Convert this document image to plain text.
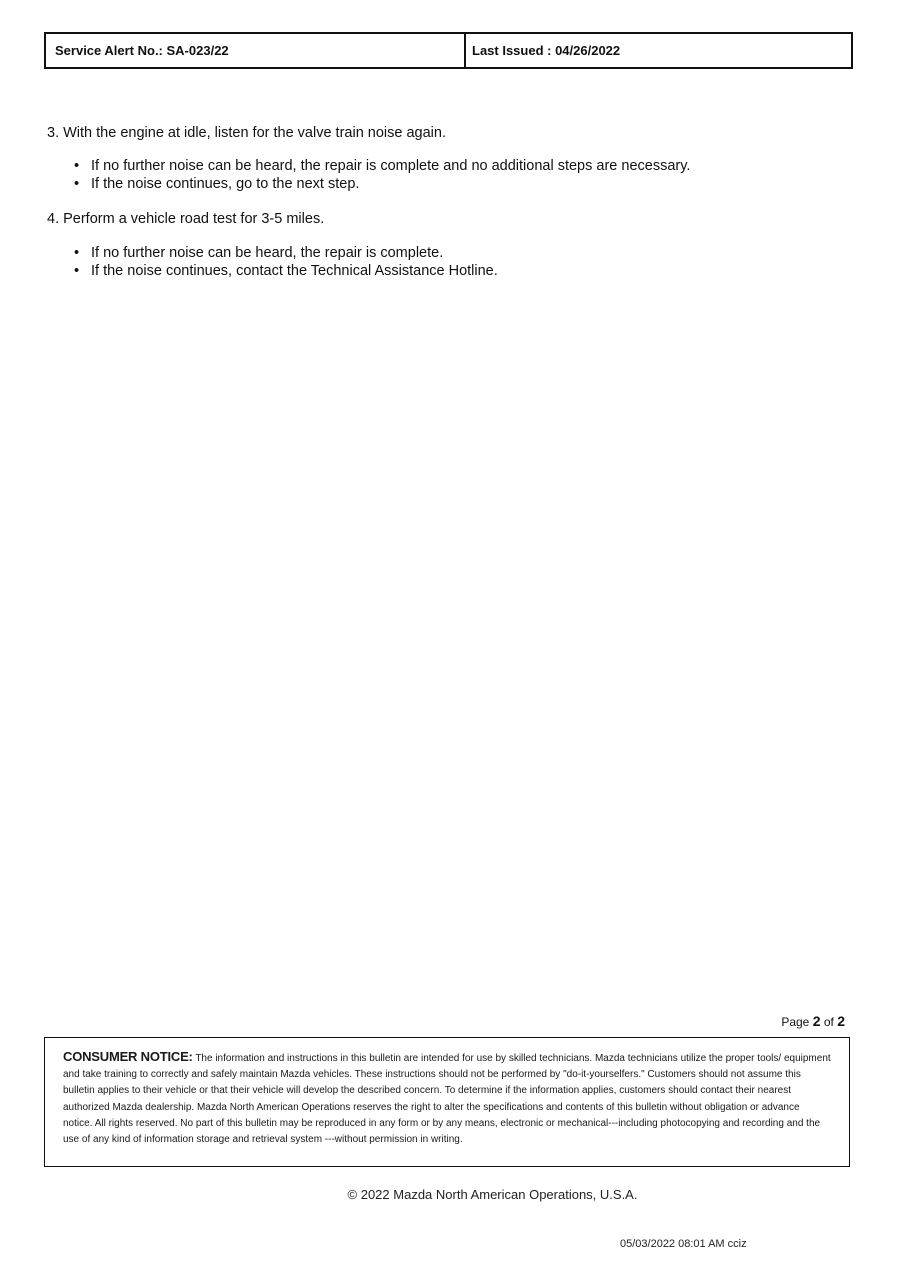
Service Alert No.: SA-023/22	Last Issued : 04/26/2022
3. With the engine at idle, listen for the valve train noise again.
• If no further noise can be heard, the repair is complete and no additional steps are necessary.
• If the noise continues, go to the next step.
4. Perform a vehicle road test for 3-5 miles.
• If no further noise can be heard, the repair is complete.
• If the noise continues, contact the Technical Assistance Hotline.
Page 2 of 2
CONSUMER NOTICE: The information and instructions in this bulletin are intended for use by skilled technicians. Mazda technicians utilize the proper tools/ equipment and take training to correctly and safely maintain Mazda vehicles. These instructions should not be performed by "do-it-yourselfers." Customers should not assume this bulletin applies to their vehicle or that their vehicle will develop the described concern. To determine if the information applies, customers should contact their nearest authorized Mazda dealership. Mazda North American Operations reserves the right to alter the specifications and contents of this bulletin without obligation or advance notice. All rights reserved. No part of this bulletin may be reproduced in any form or by any means, electronic or mechanical---including photocopying and recording and the use of any kind of information storage and retrieval system ---without permission in writing.
© 2022 Mazda North American Operations, U.S.A.
05/03/2022 08:01 AM cciz
